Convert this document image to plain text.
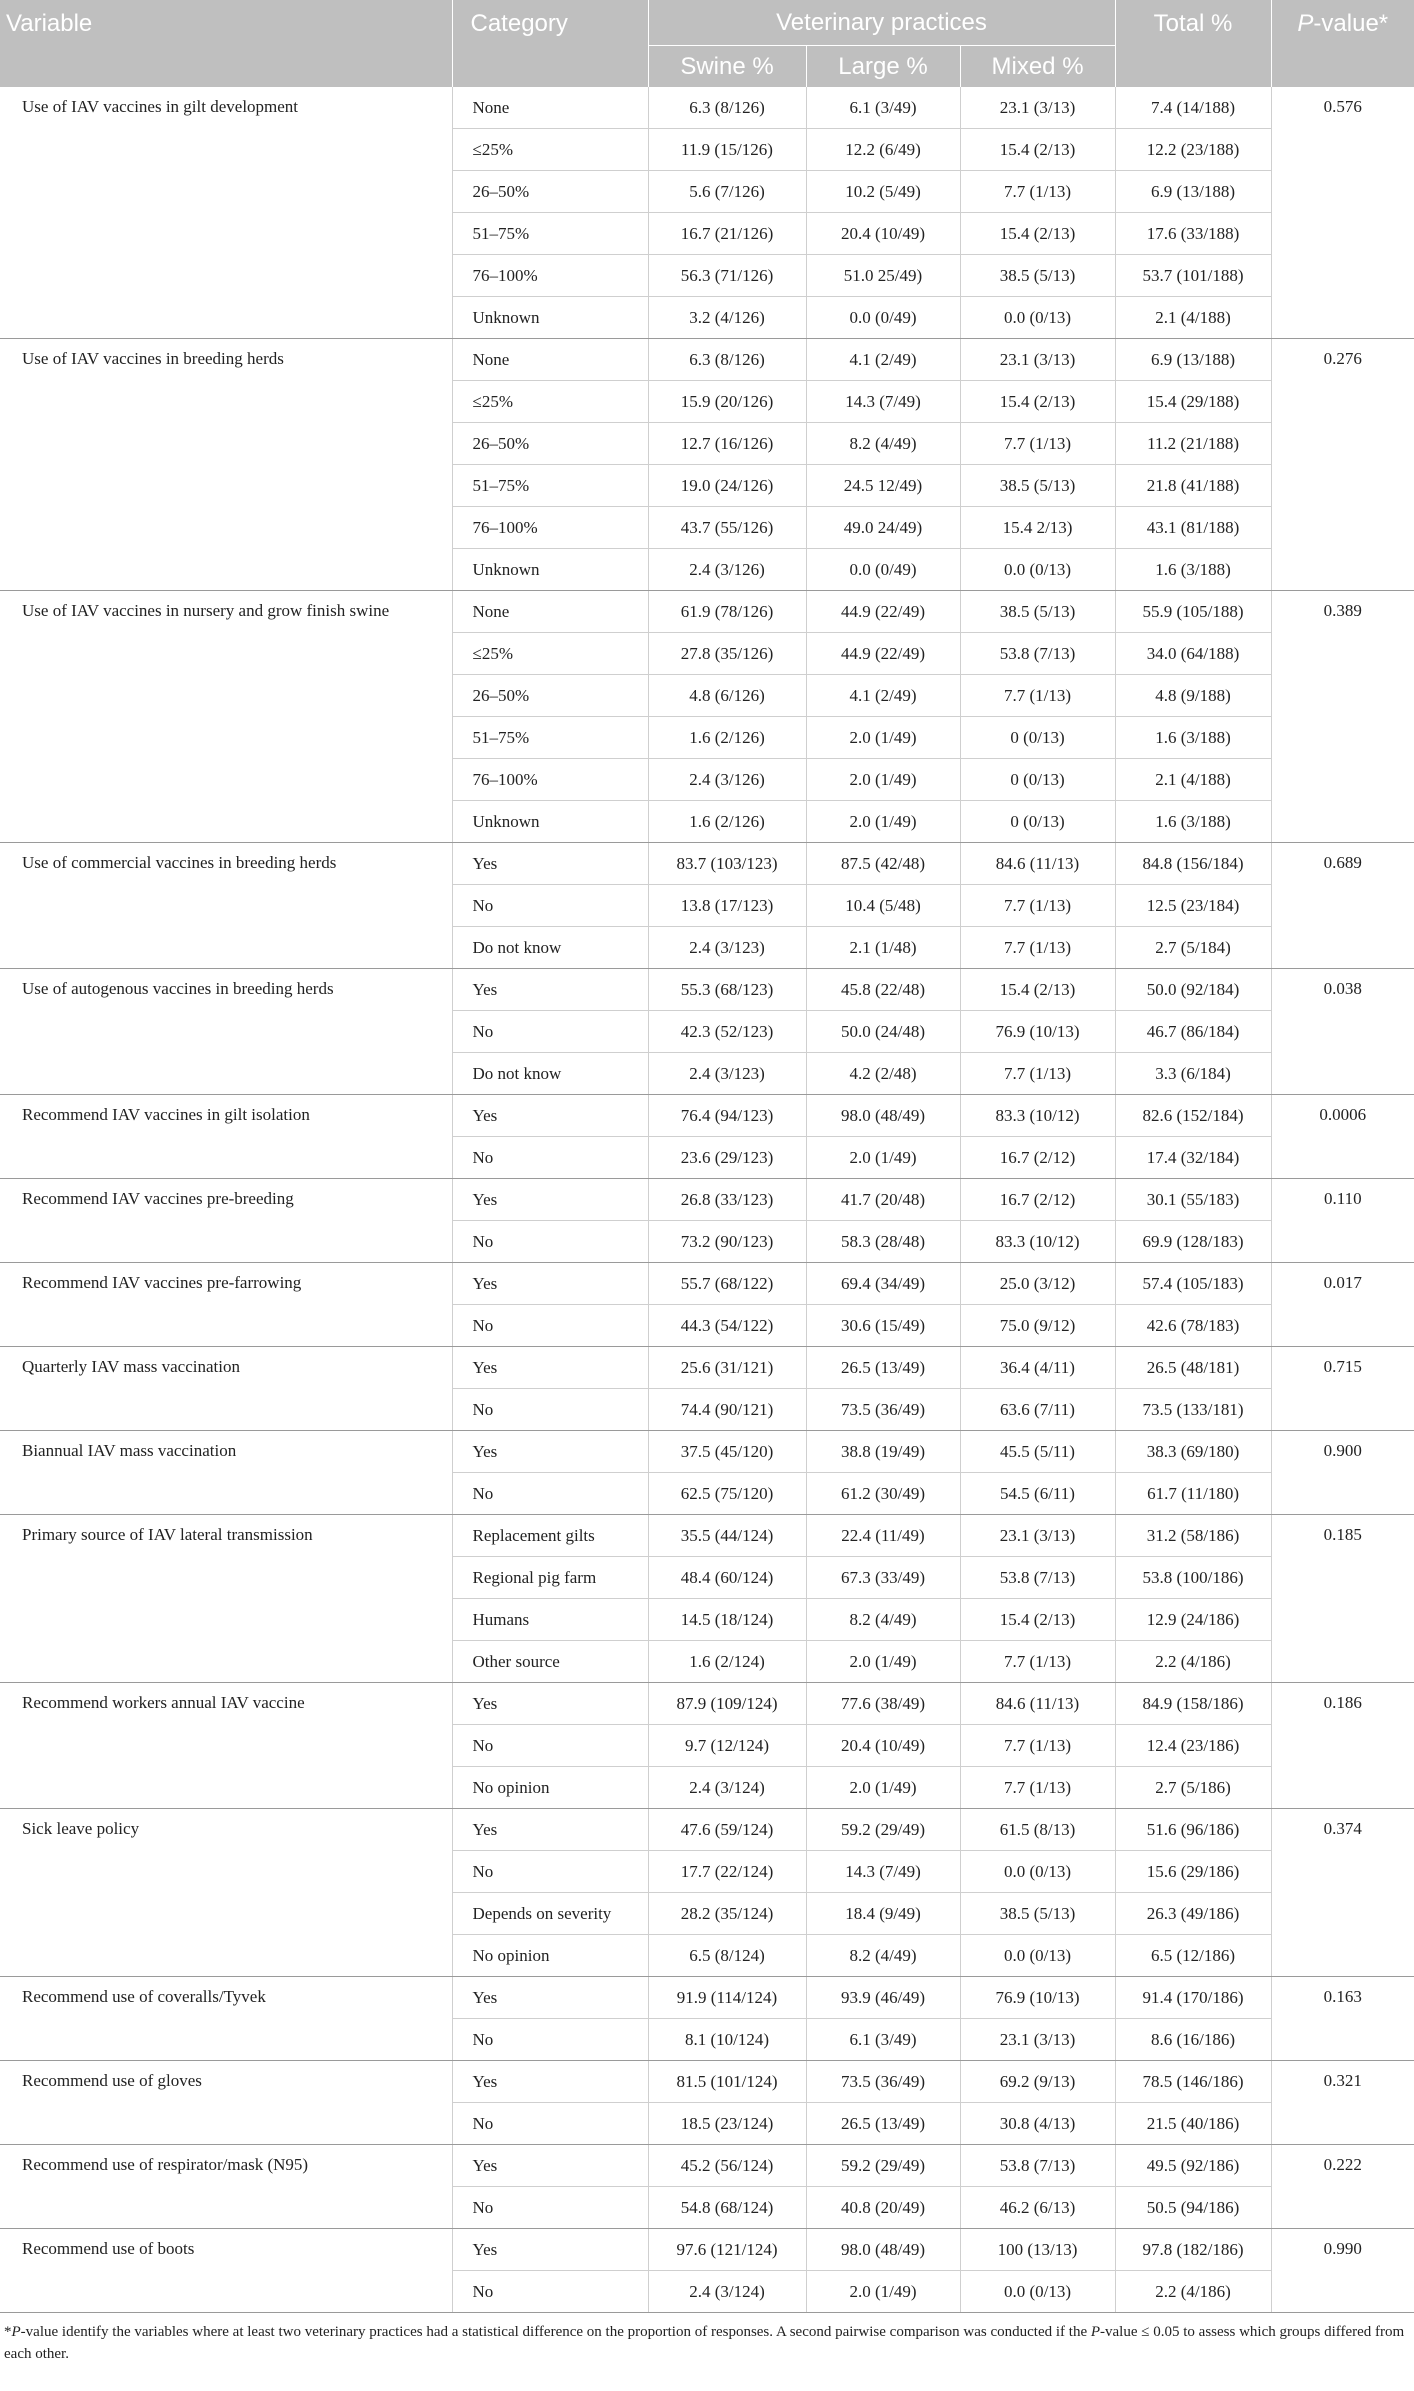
Variable	Category	Veterinary practices			Total %	P-value*
		Swine %	Large %	Mixed %		
Use of IAV vaccines in gilt development	None	6.3 (8/126)	6.1 (3/49)	23.1 (3/13)	7.4 (14/188)	0.576
	≤25%	11.9 (15/126)	12.2 (6/49)	15.4 (2/13)	12.2 (23/188)	
	26–50%	5.6 (7/126)	10.2 (5/49)	7.7 (1/13)	6.9 (13/188)	
	51–75%	16.7 (21/126)	20.4 (10/49)	15.4 (2/13)	17.6 (33/188)	
	76–100%	56.3 (71/126)	51.0 25/49)	38.5 (5/13)	53.7 (101/188)	
	Unknown	3.2 (4/126)	0.0 (0/49)	0.0 (0/13)	2.1 (4/188)	
Use of IAV vaccines in breeding herds	None	6.3 (8/126)	4.1 (2/49)	23.1 (3/13)	6.9 (13/188)	0.276
	≤25%	15.9 (20/126)	14.3 (7/49)	15.4 (2/13)	15.4 (29/188)	
	26–50%	12.7 (16/126)	8.2 (4/49)	7.7 (1/13)	11.2 (21/188)	
	51–75%	19.0 (24/126)	24.5 12/49)	38.5 (5/13)	21.8 (41/188)	
	76–100%	43.7 (55/126)	49.0 24/49)	15.4 2/13)	43.1 (81/188)	
	Unknown	2.4 (3/126)	0.0 (0/49)	0.0 (0/13)	1.6 (3/188)	
Use of IAV vaccines in nursery and grow finish swine	None	61.9 (78/126)	44.9 (22/49)	38.5 (5/13)	55.9 (105/188)	0.389
	≤25%	27.8 (35/126)	44.9 (22/49)	53.8 (7/13)	34.0 (64/188)	
	26–50%	4.8 (6/126)	4.1 (2/49)	7.7 (1/13)	4.8 (9/188)	
	51–75%	1.6 (2/126)	2.0 (1/49)	0 (0/13)	1.6 (3/188)	
	76–100%	2.4 (3/126)	2.0 (1/49)	0 (0/13)	2.1 (4/188)	
	Unknown	1.6 (2/126)	2.0 (1/49)	0 (0/13)	1.6 (3/188)	
Use of commercial vaccines in breeding herds	Yes	83.7 (103/123)	87.5 (42/48)	84.6 (11/13)	84.8 (156/184)	0.689
	No	13.8 (17/123)	10.4 (5/48)	7.7 (1/13)	12.5 (23/184)	
	Do not know	2.4 (3/123)	2.1 (1/48)	7.7 (1/13)	2.7 (5/184)	
Use of autogenous vaccines in breeding herds	Yes	55.3 (68/123)	45.8 (22/48)	15.4 (2/13)	50.0 (92/184)	0.038
	No	42.3 (52/123)	50.0 (24/48)	76.9 (10/13)	46.7 (86/184)	
	Do not know	2.4 (3/123)	4.2 (2/48)	7.7 (1/13)	3.3 (6/184)	
Recommend IAV vaccines in gilt isolation	Yes	76.4 (94/123)	98.0 (48/49)	83.3 (10/12)	82.6 (152/184)	0.0006
	No	23.6 (29/123)	2.0 (1/49)	16.7 (2/12)	17.4 (32/184)	
Recommend IAV vaccines pre-breeding	Yes	26.8 (33/123)	41.7 (20/48)	16.7 (2/12)	30.1 (55/183)	0.110
	No	73.2 (90/123)	58.3 (28/48)	83.3 (10/12)	69.9 (128/183)	
Recommend IAV vaccines pre-farrowing	Yes	55.7 (68/122)	69.4 (34/49)	25.0 (3/12)	57.4 (105/183)	0.017
	No	44.3 (54/122)	30.6 (15/49)	75.0 (9/12)	42.6 (78/183)	
Quarterly IAV mass vaccination	Yes	25.6 (31/121)	26.5 (13/49)	36.4 (4/11)	26.5 (48/181)	0.715
	No	74.4 (90/121)	73.5 (36/49)	63.6 (7/11)	73.5 (133/181)	
Biannual IAV mass vaccination	Yes	37.5 (45/120)	38.8 (19/49)	45.5 (5/11)	38.3 (69/180)	0.900
	No	62.5 (75/120)	61.2 (30/49)	54.5 (6/11)	61.7 (11/180)	
Primary source of IAV lateral transmission	Replacement gilts	35.5 (44/124)	22.4 (11/49)	23.1 (3/13)	31.2 (58/186)	0.185
	Regional pig farm	48.4 (60/124)	67.3 (33/49)	53.8 (7/13)	53.8 (100/186)	
	Humans	14.5 (18/124)	8.2 (4/49)	15.4 (2/13)	12.9 (24/186)	
	Other source	1.6 (2/124)	2.0 (1/49)	7.7 (1/13)	2.2 (4/186)	
Recommend workers annual IAV vaccine	Yes	87.9 (109/124)	77.6 (38/49)	84.6 (11/13)	84.9 (158/186)	0.186
	No	9.7 (12/124)	20.4 (10/49)	7.7 (1/13)	12.4 (23/186)	
	No opinion	2.4 (3/124)	2.0 (1/49)	7.7 (1/13)	2.7 (5/186)	
Sick leave policy	Yes	47.6 (59/124)	59.2 (29/49)	61.5 (8/13)	51.6 (96/186)	0.374
	No	17.7 (22/124)	14.3 (7/49)	0.0 (0/13)	15.6 (29/186)	
	Depends on severity	28.2 (35/124)	18.4 (9/49)	38.5 (5/13)	26.3 (49/186)	
	No opinion	6.5 (8/124)	8.2 (4/49)	0.0 (0/13)	6.5 (12/186)	
Recommend use of coveralls/Tyvek	Yes	91.9 (114/124)	93.9 (46/49)	76.9 (10/13)	91.4 (170/186)	0.163
	No	8.1 (10/124)	6.1 (3/49)	23.1 (3/13)	8.6 (16/186)	
Recommend use of gloves	Yes	81.5 (101/124)	73.5 (36/49)	69.2 (9/13)	78.5 (146/186)	0.321
	No	18.5 (23/124)	26.5 (13/49)	30.8 (4/13)	21.5 (40/186)	
Recommend use of respirator/mask (N95)	Yes	45.2 (56/124)	59.2 (29/49)	53.8 (7/13)	49.5 (92/186)	0.222
	No	54.8 (68/124)	40.8 (20/49)	46.2 (6/13)	50.5 (94/186)	
Recommend use of boots	Yes	97.6 (121/124)	98.0 (48/49)	100 (13/13)	97.8 (182/186)	0.990
	No	2.4 (3/124)	2.0 (1/49)	0.0 (0/13)	2.2 (4/186)	
*P-value identify the variables where at least two veterinary practices had a statistical difference on the proportion of responses. A second pairwise comparison was conducted if the P-value ≤ 0.05 to assess which groups differed from each other.
